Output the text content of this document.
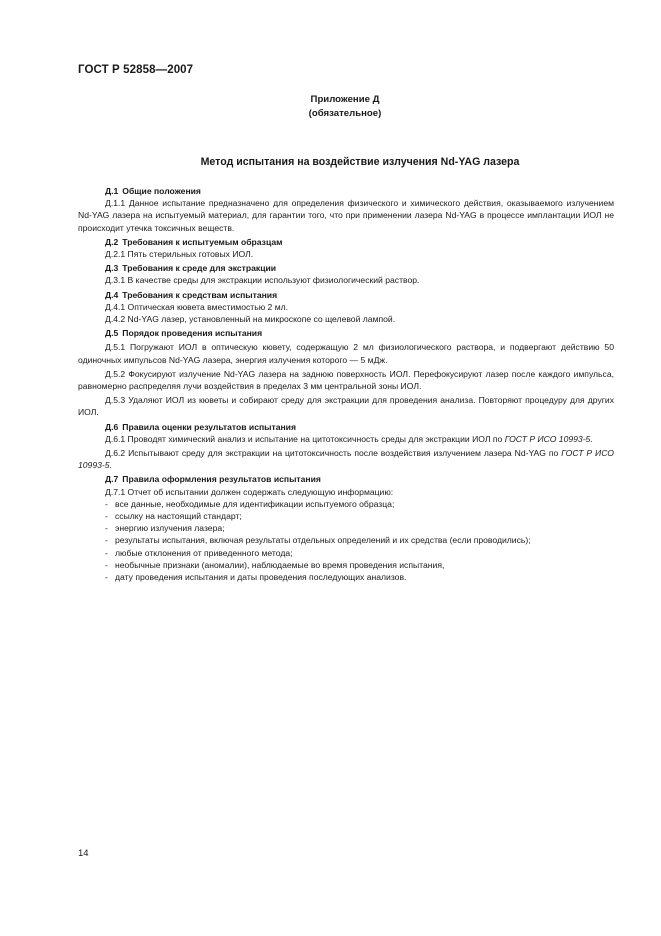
ГОСТ Р 52858—2007
Приложение Д
(обязательное)
Метод испытания на воздействие излучения Nd-YAG лазера

Д.1 Общие положения

Д.1.1 Данное испытание предназначено для определения физического и химического действия, оказываемого излучением Nd-YAG лазера на испытуемый материал, для гарантии того, что при применении лазера Nd-YAG в процессе имплантации ИОЛ не происходит утечка токсичных веществ.

Д.2 Требования к испытуемым образцам

Д.2.1 Пять стерильных готовых ИОЛ.

Д.3 Требования к среде для экстракции

Д.3.1 В качестве среды для экстракции используют физиологический раствор.

Д.4 Требования к средствам испытания

Д.4.1 Оптическая кювета вместимостью 2 мл.

Д.4.2 Nd-YAG лазер, установленный на микроскопе со щелевой лампой.

Д.5 Порядок проведения испытания

Д.5.1 Погружают ИОЛ в оптическую кювету, содержащую 2 мл физиологического раствора, и подвергают действию 50 одиночных импульсов Nd-YAG лазера, энергия излучения которого — 5 мДж.

Д.5.2 Фокусируют излучение Nd-YAG лазера на заднюю поверхность ИОЛ. Перефокусируют лазер после каждого импульса, равномерно распределяя лучи воздействия в пределах 3 мм центральной зоны ИОЛ.

Д.5.3 Удаляют ИОЛ из кюветы и собирают среду для экстракции для проведения анализа. Повторяют процедуру для других ИОЛ.

Д.6 Правила оценки результатов испытания

Д.6.1 Проводят химический анализ и испытание на цитотоксичность среды для экстракции ИОЛ по ГОСТ Р ИСО 10993-5.

Д.6.2 Испытывают среду для экстракции на цитотоксичность после воздействия излучением лазера Nd-YAG по ГОСТ Р ИСО 10993-5.

Д.7 Правила оформления результатов испытания

Д.7.1 Отчет об испытании должен содержать следующую информацию:

- все данные, необходимые для идентификации испытуемого образца;

- ссылку на настоящий стандарт;

- энергию излучения лазера;

- результаты испытания, включая результаты отдельных определений и их средства (если проводились);

- любые отклонения от приведенного метода;

- необычные признаки (аномалии), наблюдаемые во время проведения испытания,

- дату проведения испытания и даты проведения последующих анализов.

14
